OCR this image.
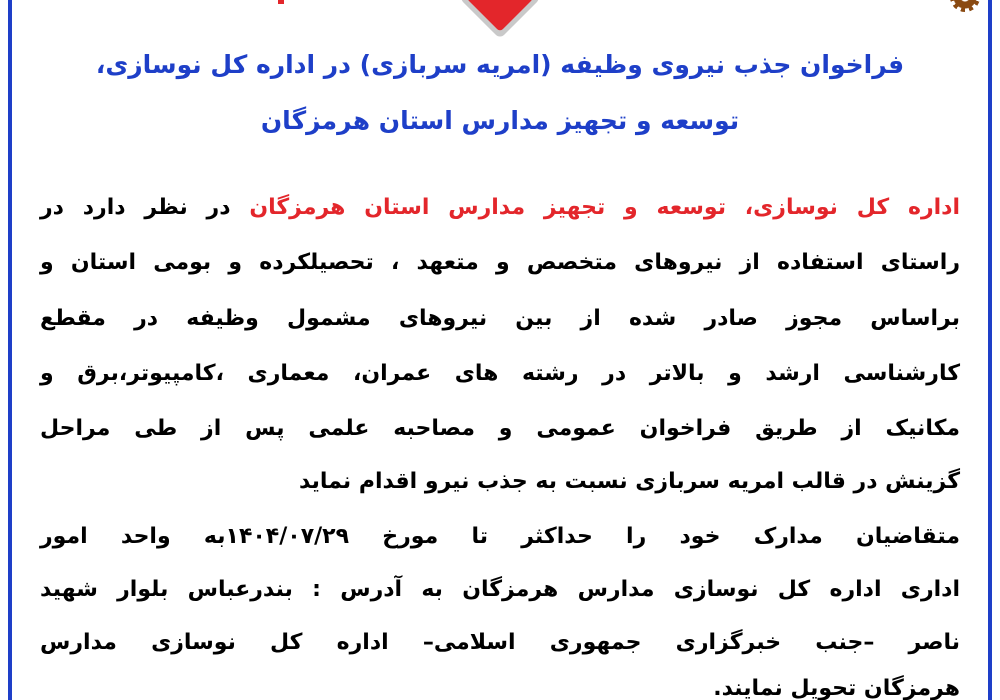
فراخوان جذب نیروی وظیفه (امریه سربازی) در اداره کل نوسازی،
توسعه و تجهیز مدارس استان هرمزگان
اداره کل نوسازی، توسعه و تجهیز مدارس استان هرمزگان در نظر دارد در
راستای استفاده از نیروهای متخصص و متعهد ، تحصیلکرده و بومی استان و
براساس مجوز صادر شده از بین نیروهای مشمول وظیفه در مقطع
کارشناسی ارشد و بالاتر در رشته های عمران، معماری ،کامپیوتر،برق و
مکانیک از طریق فراخوان عمومی و مصاحبه علمی پس از طی مراحل
گزینش در قالب امریه سربازی نسبت به جذب نیرو اقدام نماید
متقاضیان مدارک خود را حداکثر تا مورخ ۱۴۰۴/۰۷/۲۹به واحد امور
اداری اداره کل نوسازی مدارس هرمزگان به آدرس : بندرعباس بلوار شهید
ناصر –جنب خبرگزاری جمهوری اسلامی– اداره کل نوسازی مدارس
هرمزگان تحویل نمایند.
